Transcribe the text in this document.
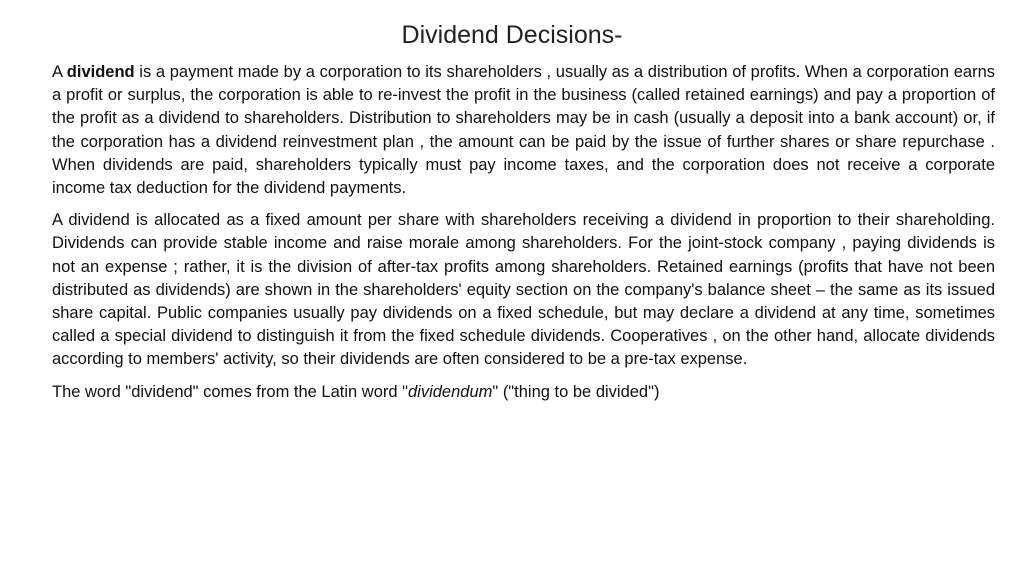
Dividend Decisions-

A dividend is a payment made by a corporation to its shareholders , usually as a distribution of profits. When a corporation earns a profit or surplus, the corporation is able to re-invest the profit in the business (called retained earnings) and pay a proportion of the profit as a dividend to shareholders. Distribution to shareholders may be in cash (usually a deposit into a bank account) or, if the corporation has a dividend reinvestment plan , the amount can be paid by the issue of further shares or share repurchase . When dividends are paid, shareholders typically must pay income taxes, and the corporation does not receive a corporate income tax deduction for the dividend payments.

A dividend is allocated as a fixed amount per share with shareholders receiving a dividend in proportion to their shareholding. Dividends can provide stable income and raise morale among shareholders. For the joint-stock company , paying dividends is not an expense ; rather, it is the division of after-tax profits among shareholders. Retained earnings (profits that have not been distributed as dividends) are shown in the shareholders' equity section on the company's balance sheet – the same as its issued share capital. Public companies usually pay dividends on a fixed schedule, but may declare a dividend at any time, sometimes called a special dividend to distinguish it from the fixed schedule dividends. Cooperatives , on the other hand, allocate dividends according to members' activity, so their dividends are often considered to be a pre-tax expense.

The word "dividend" comes from the Latin word "dividendum" ("thing to be divided")
